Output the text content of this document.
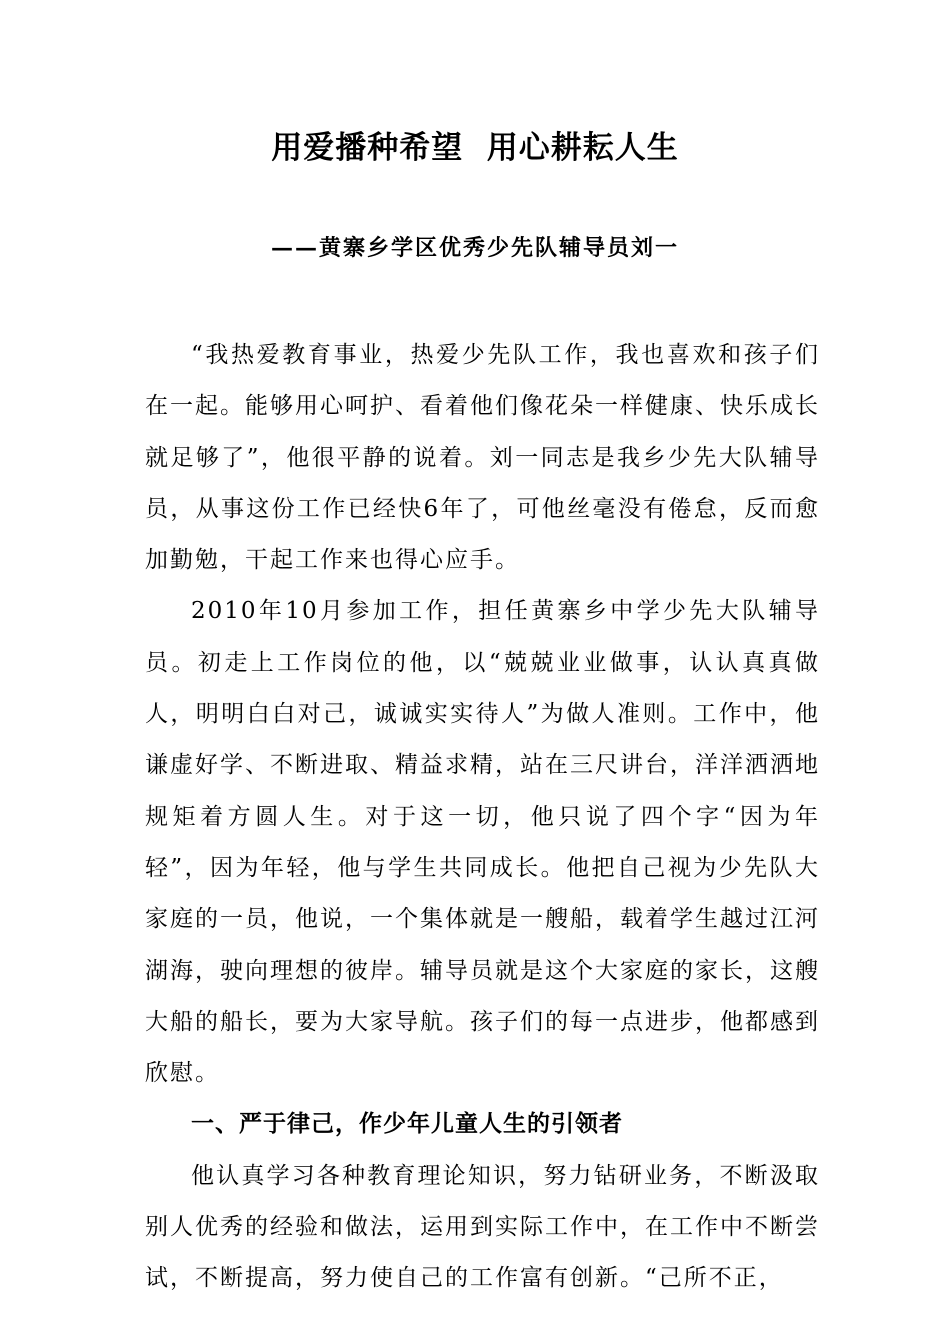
用爱播种希望  用心耕耘人生
——黄寨乡学区优秀少先队辅导员刘一

“我热爱教育事业，热爱少先队工作，我也喜欢和孩子们在一起。能够用心呵护、看着他们像花朵一样健康、快乐成长就足够了”，他很平静的说着。刘一同志是我乡少先大队辅导员，从事这份工作已经快6年了，可他丝毫没有倦怠，反而愈加勤勉，干起工作来也得心应手。

2010年10月参加工作，担任黄寨乡中学少先大队辅导员。初走上工作岗位的他，以“兢兢业业做事，认认真真做人，明明白白对己，诚诚实实待人”为做人准则。工作中，他谦虚好学、不断进取、精益求精，站在三尺讲台，洋洋洒洒地规矩着方圆人生。对于这一切，他只说了四个字“因为年轻”，因为年轻，他与学生共同成长。他把自己视为少先队大家庭的一员，他说，一个集体就是一艘船，载着学生越过江河湖海，驶向理想的彼岸。辅导员就是这个大家庭的家长，这艘大船的船长，要为大家导航。孩子们的每一点进步，他都感到欣慰。

一、严于律己，作少年儿童人生的引领者

他认真学习各种教育理论知识，努力钻研业务，不断汲取别人优秀的经验和做法，运用到实际工作中，在工作中不断尝试，不断提高，努力使自己的工作富有创新。“己所不正，
